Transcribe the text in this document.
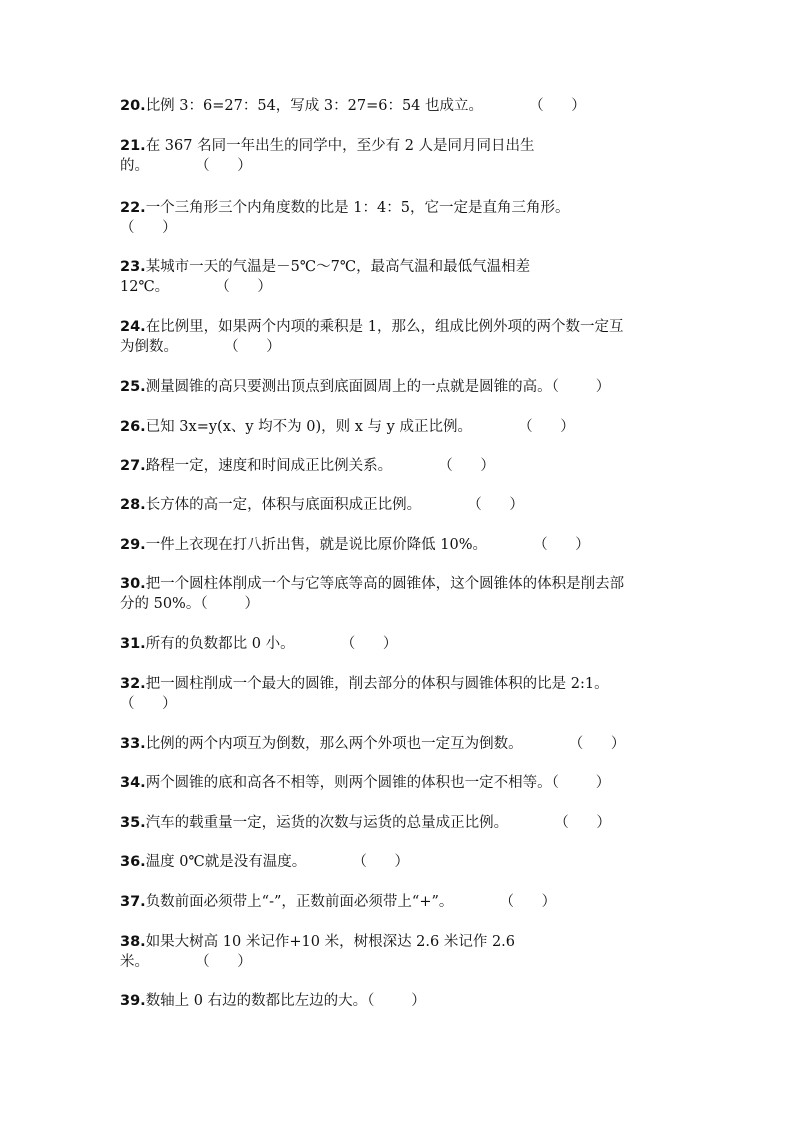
20.比例 3：6=27：54，写成 3：27=6：54 也成立。          （      ）
21.在 367 名同一年出生的同学中，至少有 2 人是同月同日出生
的。          （      ）
22.一个三角形三个内角度数的比是 1：4：5，它一定是直角三角形。
（      ）
23.某城市一天的气温是－5℃～7℃，最高气温和最低气温相差
12℃。          （      ）
24.在比例里，如果两个内项的乘积是 1，那么，组成比例外项的两个数一定互
为倒数。          （      ）
25.测量圆锥的高只要测出顶点到底面圆周上的一点就是圆锥的高。（        ）
26.已知 3x=y(x、y 均不为 0)，则 x 与 y 成正比例。          （      ）
27.路程一定，速度和时间成正比例关系。          （      ）
28.长方体的高一定，体积与底面积成正比例。          （      ）
29.一件上衣现在打八折出售，就是说比原价降低 10%。          （      ）
30.把一个圆柱体削成一个与它等底等高的圆锥体，这个圆锥体的体积是削去部
分的 50%。（        ）
31.所有的负数都比 0 小。          （      ）
32.把一圆柱削成一个最大的圆锥，削去部分的体积与圆锥体积的比是 2:1。
（      ）
33.比例的两个内项互为倒数，那么两个外项也一定互为倒数。          （      ）
34.两个圆锥的底和高各不相等，则两个圆锥的体积也一定不相等。（        ）
35.汽车的载重量一定，运货的次数与运货的总量成正比例。          （      ）
36.温度 0℃就是没有温度。          （      ）
37.负数前面必须带上“-”，正数前面必须带上“+”。          （      ）
38.如果大树高 10 米记作+10 米，树根深达 2.6 米记作 2.6
米。          （      ）
39.数轴上 0 右边的数都比左边的大。（        ）
